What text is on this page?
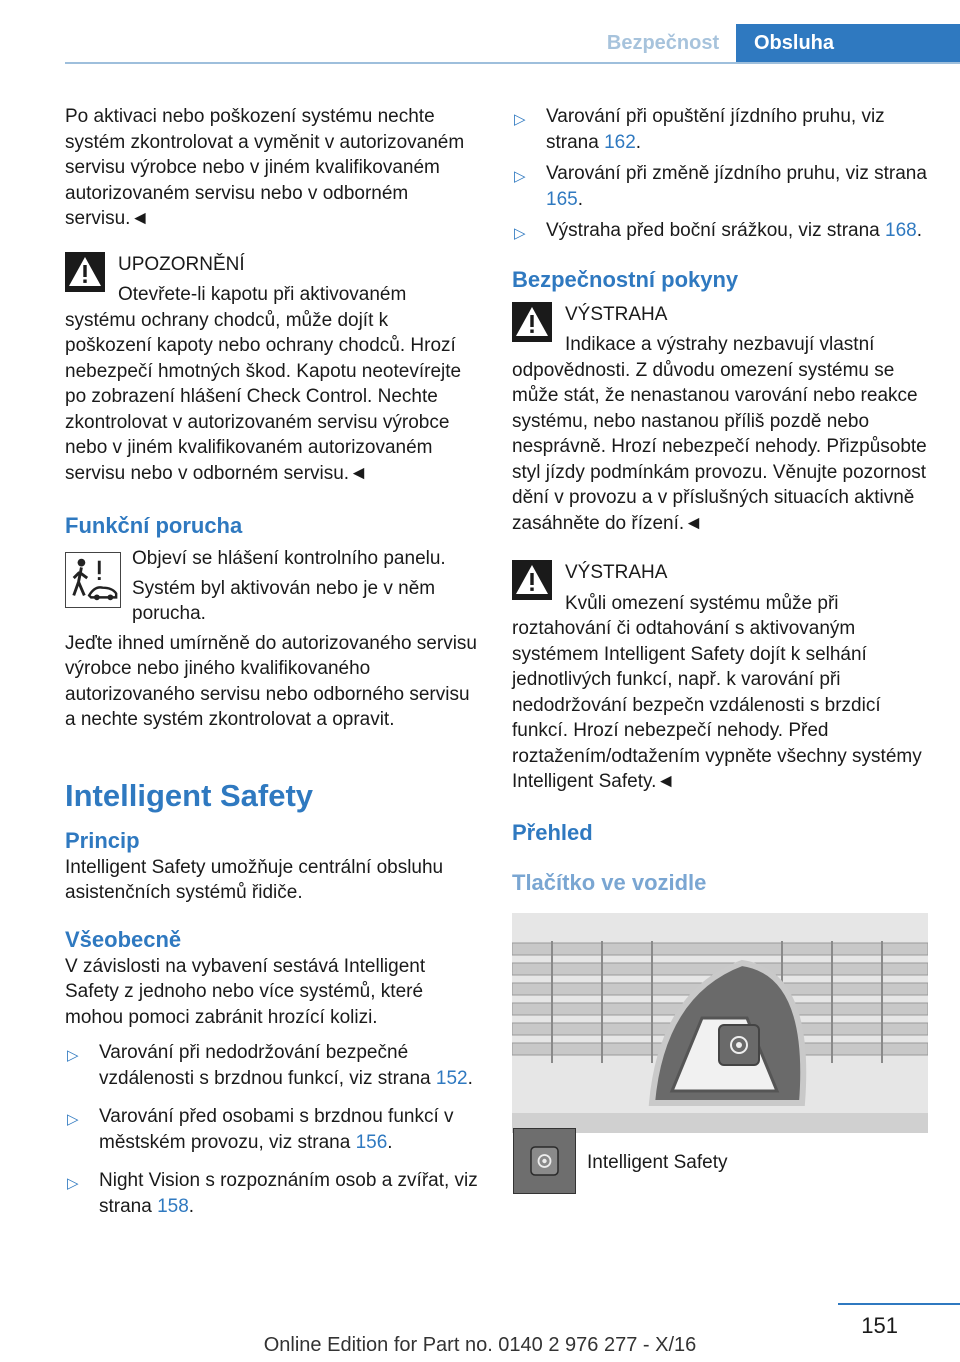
Bezpečnost	Obsluha

Po aktivaci nebo poškození systému nechte systém zkontrolovat a vyměnit v autorizovaném servisu výrobce nebo v jiném kvalifikovaném autorizovaném servisu nebo v odborném servisu.◄

UPOZORNĚNÍ

Otevřete-li kapotu při aktivovaném systému ochrany chodců, může dojít k poškození kapoty nebo ochrany chodců. Hrozí nebezpečí hmotných škod. Kapotu neotevírejte po zobrazení hlášení Check Control. Nechte zkontrolovat v autorizovaném servisu výrobce nebo v jiném kvalifikovaném autorizovaném servisu nebo v odborném servisu.◄

Funkční porucha

Objeví se hlášení kontrolního panelu.

Systém byl aktivován nebo je v něm porucha.

Jeďte ihned umírněně do autorizovaného servisu výrobce nebo jiného kvalifikovaného autorizovaného servisu nebo odborného servisu a nechte systém zkontrolovat a opravit.

Intelligent Safety

Princip

Intelligent Safety umožňuje centrální obsluhu asistenčních systémů řidiče.

Všeobecně

V závislosti na vybavení sestává Intelligent Safety z jednoho nebo více systémů, které mohou pomoci zabránit hrozící kolizi.

▷ Varování při nedodržování bezpečné vzdálenosti s brzdnou funkcí, viz strana 152.
▷ Varování před osobami s brzdnou funkcí v městském provozu, viz strana 156.
▷ Night Vision s rozpoznáním osob a zvířat, viz strana 158.
▷ Varování při opuštění jízdního pruhu, viz strana 162.
▷ Varování při změně jízdního pruhu, viz strana 165.
▷ Výstraha před boční srážkou, viz strana 168.

Bezpečnostní pokyny

VÝSTRAHA

Indikace a výstrahy nezbavují vlastní odpovědnosti. Z důvodu omezení systému se může stát, že nenastanou varování nebo reakce systému, nebo nastanou příliš pozdě nebo nesprávně. Hrozí nebezpečí nehody. Přizpůsobte styl jízdy podmínkám provozu. Věnujte pozornost dění v provozu a v příslušných situacích aktivně zasáhněte do řízení.◄

VÝSTRAHA

Kvůli omezení systému může při roztahování či odtahování s aktivovaným systémem Intelligent Safety dojít k selhání jednotlivých funkcí, např. k varování při nedodržování bezpečn vzdálenosti s brzdicí funkcí. Hrozí nebezpečí nehody. Před roztažením/odtažením vypněte všechny systémy Intelligent Safety.◄

Přehled

Tlačítko ve vozidle

Intelligent Safety
151
Online Edition for Part no. 0140 2 976 277 - X/16
